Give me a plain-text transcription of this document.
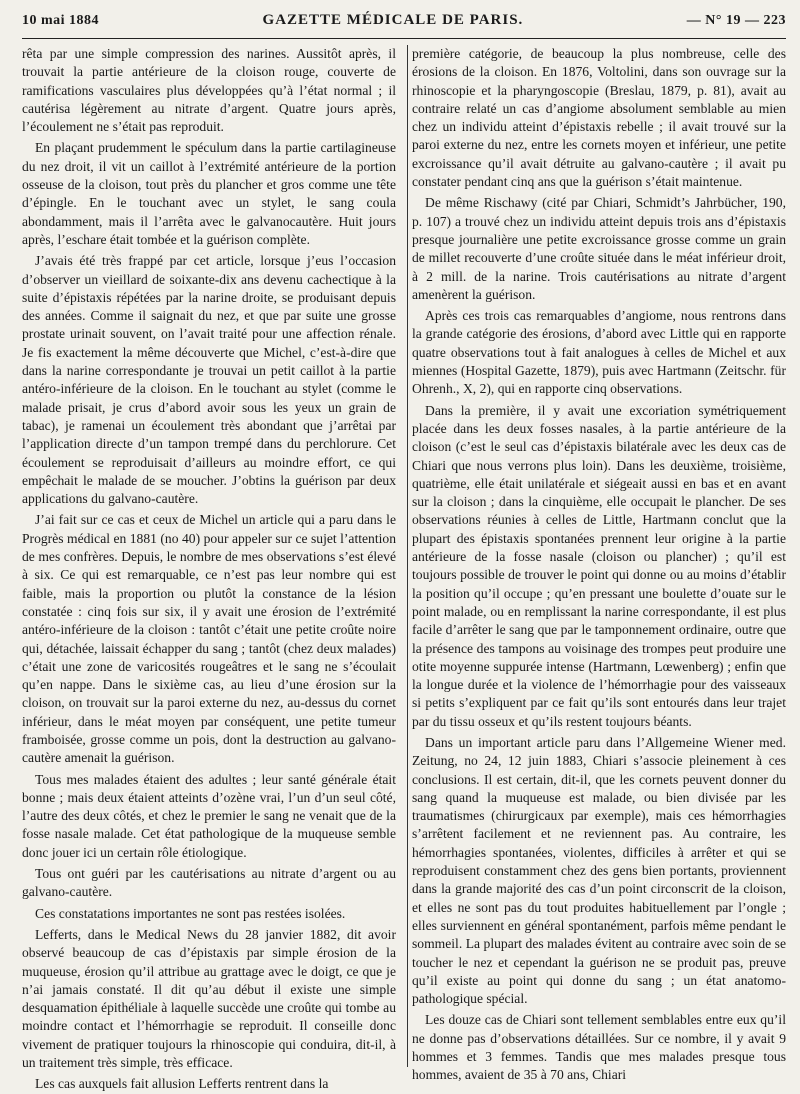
10 mai 1884	GAZETTE MÉDICALE DE PARIS.	— N° 19 — 223

rêta par une simple compression des narines. Aussitôt après, il trouvait la partie antérieure de la cloison rouge, couverte de ramifications vasculaires plus développées qu’à l’état normal ; il cautérisa légèrement au nitrate d’argent. Quatre jours après, l’écoulement ne s’était pas reproduit.

En plaçant prudemment le spéculum dans la partie cartilagineuse du nez droit, il vit un caillot à l’extrémité antérieure de la portion osseuse de la cloison, tout près du plancher et gros comme une tête d’épingle. En le touchant avec un stylet, le sang coula abondamment, mais il l’arrêta avec le galvanocautère. Huit jours après, l’eschare était tombée et la guérison complète.

J’avais été très frappé par cet article, lorsque j’eus l’occasion d’observer un vieillard de soixante-dix ans devenu cachectique à la suite d’épistaxis répétées par la narine droite, se produisant depuis des années. Comme il saignait du nez, et que par suite une grosse prostate urinait souvent, on l’avait traité pour une affection rénale. Je fis exactement la même découverte que Michel, c’est-à-dire que dans la narine correspondante je trouvai un petit caillot à la partie antéro-inférieure de la cloison. En le touchant au stylet (comme le malade prisait, je crus d’abord avoir sous les yeux un grain de tabac), je ramenai un écoulement très abondant que j’arrêtai par l’application directe d’un tampon trempé dans du perchlorure. Cet écoulement se reproduisait d’ailleurs au moindre effort, ce qui empêchait le malade de se moucher. J’obtins la guérison par deux applications du galvano-cautère.

J’ai fait sur ce cas et ceux de Michel un article qui a paru dans le Progrès médical en 1881 (no 40) pour appeler sur ce sujet l’attention de mes confrères. Depuis, le nombre de mes observations s’est élevé à six. Ce qui est remarquable, ce n’est pas leur nombre qui est faible, mais la proportion ou plutôt la constance de la lésion constatée : cinq fois sur six, il y avait une érosion de l’extrémité antéro-inférieure de la cloison : tantôt c’était une petite croûte noire qui, détachée, laissait échapper du sang ; tantôt (chez deux malades) c’était une zone de varicosités rougeâtres et le sang ne s’écoulait qu’en nappe. Dans le sixième cas, au lieu d’une érosion sur la cloison, on trouvait sur la paroi externe du nez, au-dessus du cornet inférieur, dans le méat moyen par conséquent, une petite tumeur framboisée, grosse comme un pois, dont la destruction au galvano-cautère amenait la guérison.

Tous mes malades étaient des adultes ; leur santé générale était bonne ; mais deux étaient atteints d’ozène vrai, l’un d’un seul côté, l’autre des deux côtés, et chez le premier le sang ne venait que de la fosse nasale malade. Cet état pathologique de la muqueuse semble donc jouer ici un certain rôle étiologique.

Tous ont guéri par les cautérisations au nitrate d’argent ou au galvano-cautère.

Ces constatations importantes ne sont pas restées isolées.

Lefferts, dans le Medical News du 28 janvier 1882, dit avoir observé beaucoup de cas d’épistaxis par simple érosion de la muqueuse, érosion qu’il attribue au grattage avec le doigt, ce que je n’ai jamais constaté. Il dit qu’au début il existe une simple desquamation épithéliale à laquelle succède une croûte qui tombe au moindre contact et l’hémorrhagie se reproduit. Il conseille donc vivement de pratiquer toujours la rhinoscopie qui conduira, dit-il, à un traitement très simple, très efficace.

Les cas auxquels fait allusion Lefferts rentrent dans la

première catégorie, de beaucoup la plus nombreuse, celle des érosions de la cloison. En 1876, Voltolini, dans son ouvrage sur la rhinoscopie et la pharyngoscopie (Breslau, 1879, p. 81), avait au contraire relaté un cas d’angiome absolument semblable au mien chez un individu atteint d’épistaxis rebelle ; il avait trouvé sur la paroi externe du nez, entre les cornets moyen et inférieur, une petite excroissance qu’il avait détruite au galvano-cautère ; il avait pu constater pendant cinq ans que la guérison s’était maintenue.

De même Rischawy (cité par Chiari, Schmidt’s Jahrbücher, 190, p. 107) a trouvé chez un individu atteint depuis trois ans d’épistaxis presque journalière une petite excroissance grosse comme un grain de millet recouverte d’une croûte située dans le méat inférieur droit, à 2 mill. de la narine. Trois cautérisations au nitrate d’argent amenèrent la guérison.

Après ces trois cas remarquables d’angiome, nous rentrons dans la grande catégorie des érosions, d’abord avec Little qui en rapporte quatre observations tout à fait analogues à celles de Michel et aux miennes (Hospital Gazette, 1879), puis avec Hartmann (Zeitschr. für Ohrenh., X, 2), qui en rapporte cinq observations.

Dans la première, il y avait une excoriation symétriquement placée dans les deux fosses nasales, à la partie antérieure de la cloison (c’est le seul cas d’épistaxis bilatérale avec les deux cas de Chiari que nous verrons plus loin). Dans les deuxième, troisième, quatrième, elle était unilatérale et siégeait aussi en bas et en avant sur la cloison ; dans la cinquième, elle occupait le plancher. De ses observations réunies à celles de Little, Hartmann conclut que la plupart des épistaxis spontanées prennent leur origine à la partie antérieure de la fosse nasale (cloison ou plancher) ; qu’il est toujours possible de trouver le point qui donne ou au moins d’établir la position qu’il occupe ; qu’en pressant une boulette d’ouate sur le point malade, ou en remplissant la narine correspondante, il est plus facile d’arrêter le sang que par le tamponnement ordinaire, outre que la présence des tampons au voisinage des trompes peut produire une otite moyenne suppurée intense (Hartmann, Lœwenberg) ; enfin que la longue durée et la violence de l’hémorrhagie pour des vaisseaux si petits s’expliquent par ce fait qu’ils sont entourés dans leur trajet par du tissu osseux et qu’ils restent toujours béants.

Dans un important article paru dans l’Allgemeine Wiener med. Zeitung, no 24, 12 juin 1883, Chiari s’associe pleinement à ces conclusions. Il est certain, dit-il, que les cornets peuvent donner du sang quand la muqueuse est malade, ou bien divisée par les traumatismes (chirurgicaux par exemple), mais ces hémorrhagies s’arrêtent facilement et ne reviennent pas. Au contraire, les hémorrhagies spontanées, violentes, difficiles à arrêter et qui se reproduisent constamment chez des gens bien portants, proviennent dans la grande majorité des cas d’un point circonscrit de la cloison, et elles ne sont pas du tout produites habituellement par l’ongle ; elles surviennent en général spontanément, parfois même pendant le sommeil. La plupart des malades évitent au contraire avec soin de se toucher le nez et cependant la guérison ne se produit pas, preuve qu’il existe au point qui donne du sang ; un état anatomo-pathologique spécial.

Les douze cas de Chiari sont tellement semblables entre eux qu’il ne donne pas d’observations détaillées. Sur ce nombre, il y avait 9 hommes et 3 femmes. Tandis que mes malades presque tous hommes, avaient de 35 à 70 ans, Chiari
